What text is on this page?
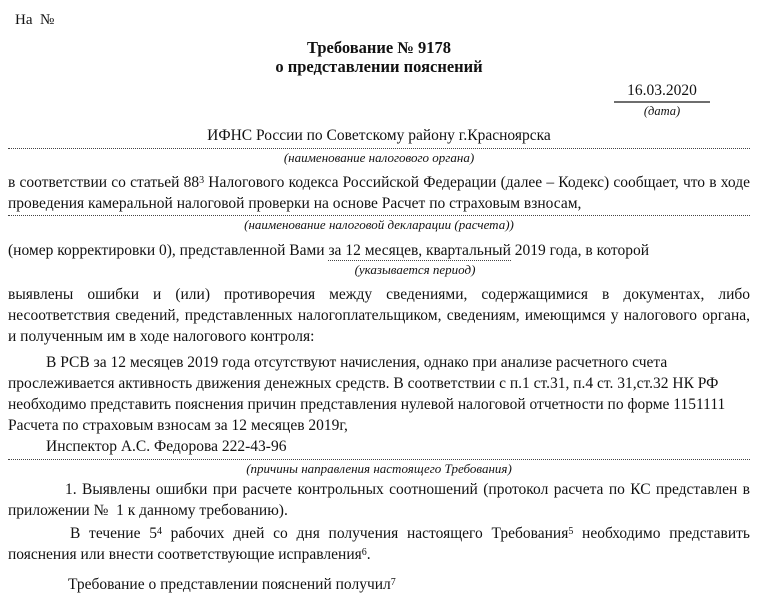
На  №
Требование № 9178
о представлении пояснений
16.03.2020
(дата)
ИФНС России по Советскому району г.Красноярска
(наименование налогового органа)
в соответствии со статьей $88^3$ Налогового кодекса Российской Федерации (далее – Кодекс) сообщает, что в ходе проведения камеральной налоговой проверки на основе Расчет по страховым взносам,
(наименование налоговой декларации (расчета))
(номер корректировки 0), представленной Вами за 12 месяцев, квартальный 2019 года, в которой
(указывается период)
выявлены ошибки и (или) противоречия между сведениями, содержащимися в документах, либо несоответствия сведений, представленных налогоплательщиком, сведениям, имеющимся у налогового органа, и полученным им в ходе налогового контроля:
В РСВ за 12 месяцев 2019 года отсутствуют начисления, однако при анализе расчетного счета прослеживается активность движения денежных средств. В соответствии с п.1 ст.31, п.4 ст. 31,ст.32 НК РФ необходимо представить пояснения причин представления нулевой налоговой отчетности по форме 1151111 Расчета по страховым взносам за 12 месяцев 2019г,
Инспектор А.С. Федорова 222-43-96
(причины направления настоящего Требования)
1. Выявлены ошибки при расчете контрольных соотношений (протокол расчета по КС представлен в приложении №  1 к данному требованию).
В течение $5^4$ рабочих дней со дня получения настоящего Требования$^5$ необходимо представить пояснения или внести соответствующие исправления$^6$.
Требование о представлении пояснений получил$^7$
